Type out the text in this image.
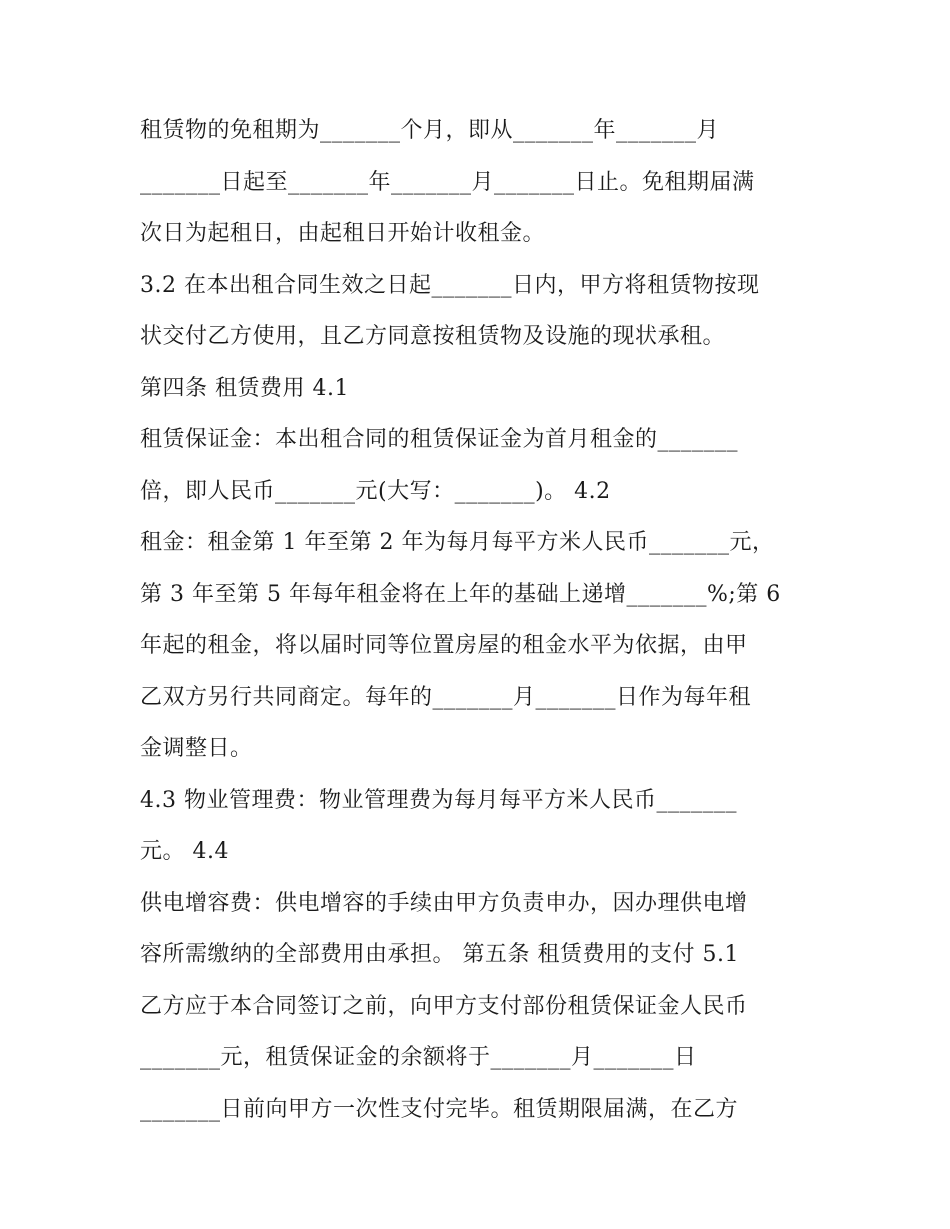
租赁物的免租期为_______个月，即从_______年_______月
_______日起至_______年_______月_______日止。免租期届满
次日为起租日，由起租日开始计收租金。
3.2 在本出租合同生效之日起_______日内，甲方将租赁物按现
状交付乙方使用，且乙方同意按租赁物及设施的现状承租。
第四条 租赁费用 4.1
租赁保证金：本出租合同的租赁保证金为首月租金的_______
倍，即人民币_______元(大写：_______)。 4.2
租金：租金第 1 年至第 2 年为每月每平方米人民币_______元，
第 3 年至第 5 年每年租金将在上年的基础上递增_______%;第 6
年起的租金，将以届时同等位置房屋的租金水平为依据，由甲
乙双方另行共同商定。每年的_______月_______日作为每年租
金调整日。
4.3 物业管理费：物业管理费为每月每平方米人民币_______
元。 4.4
供电增容费：供电增容的手续由甲方负责申办，因办理供电增
容所需缴纳的全部费用由承担。 第五条 租赁费用的支付 5.1
乙方应于本合同签订之前，向甲方支付部份租赁保证金人民币
_______元，租赁保证金的余额将于_______月_______日
_______日前向甲方一次性支付完毕。租赁期限届满，在乙方
